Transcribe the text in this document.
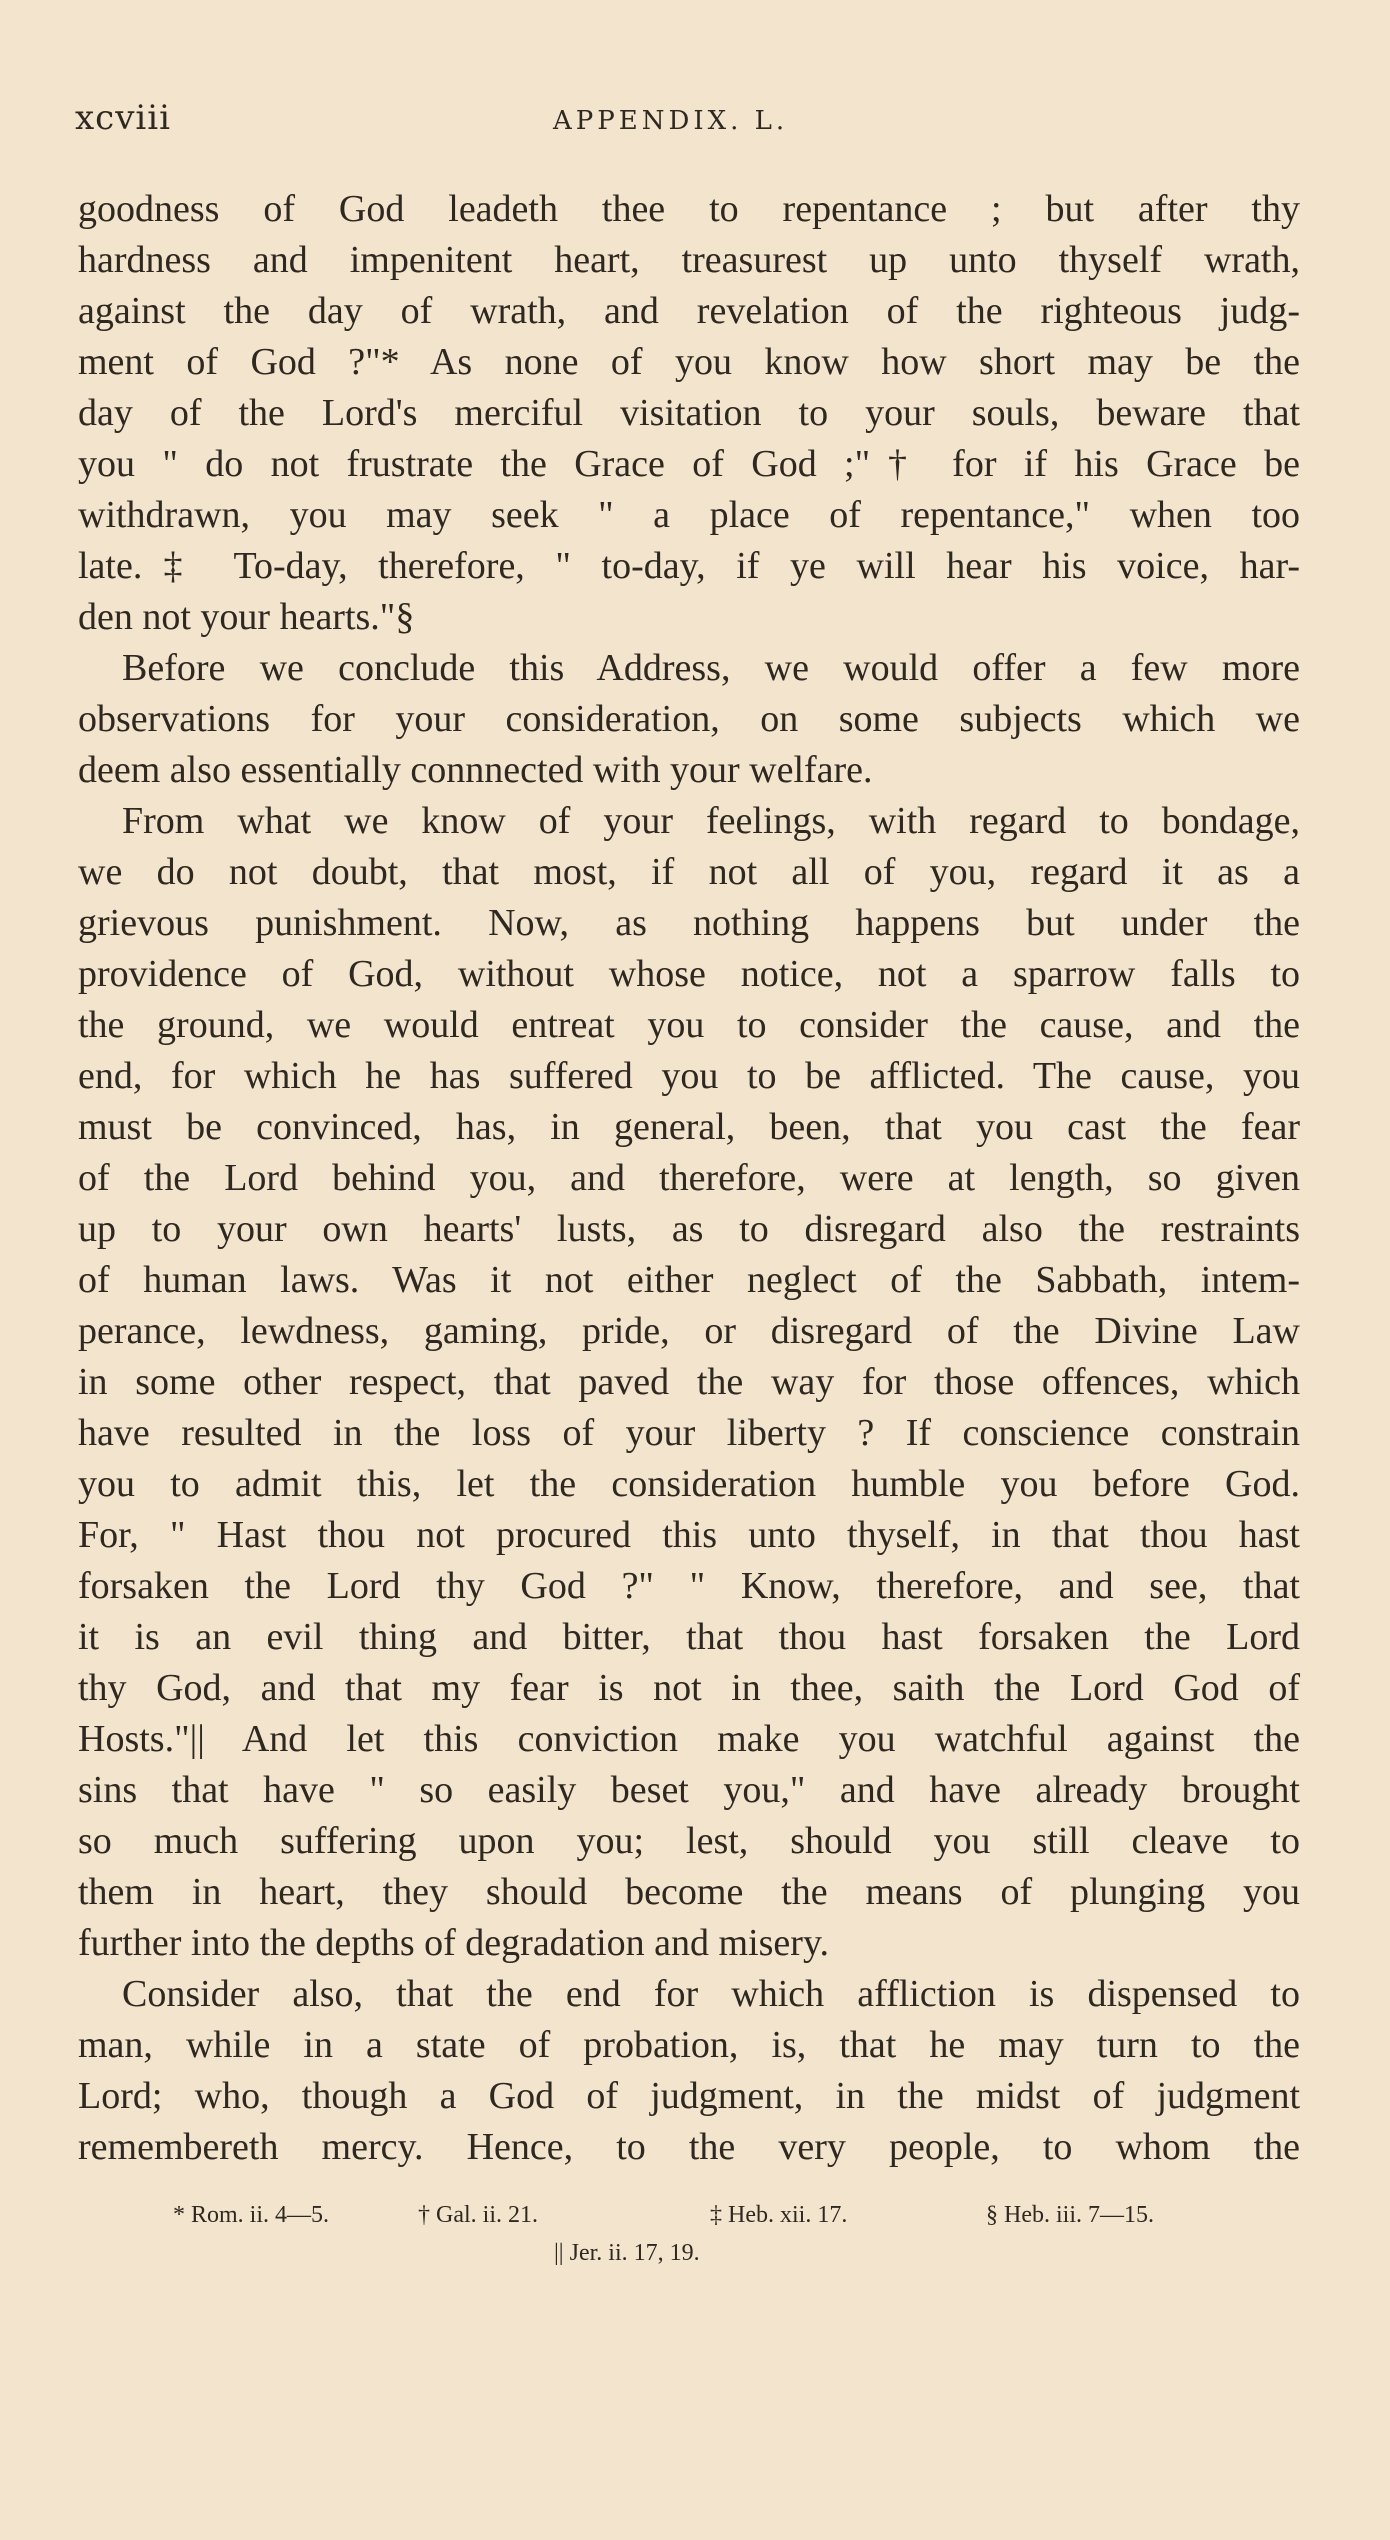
xcviii	APPENDIX. L.
goodness of God leadeth thee to repentance ; but after thy
hardness and impenitent heart, treasurest up unto thyself wrath,
against the day of wrath, and revelation of the righteous judg-
ment of God ?"* As none of you know how short may be the
day of the Lord's merciful visitation to your souls, beware that
you " do not frustrate the Grace of God ;"† for if his Grace be
withdrawn, you may seek " a place of repentance," when too
late.‡ To-day, therefore, " to-day, if ye will hear his voice, har-
den not your hearts."§
Before we conclude this Address, we would offer a few more
observations for your consideration, on some subjects which we
deem also essentially connnected with your welfare.
From what we know of your feelings, with regard to bondage,
we do not doubt, that most, if not all of you, regard it as a
grievous punishment. Now, as nothing happens but under the
providence of God, without whose notice, not a sparrow falls to
the ground, we would entreat you to consider the cause, and the
end, for which he has suffered you to be afflicted. The cause, you
must be convinced, has, in general, been, that you cast the fear
of the Lord behind you, and therefore, were at length, so given
up to your own hearts' lusts, as to disregard also the restraints
of human laws. Was it not either neglect of the Sabbath, intem-
perance, lewdness, gaming, pride, or disregard of the Divine Law
in some other respect, that paved the way for those offences, which
have resulted in the loss of your liberty ? If conscience constrain
you to admit this, let the consideration humble you before God.
For, " Hast thou not procured this unto thyself, in that thou hast
forsaken the Lord thy God ?" " Know, therefore, and see, that
it is an evil thing and bitter, that thou hast forsaken the Lord
thy God, and that my fear is not in thee, saith the Lord God of
Hosts."|| And let this conviction make you watchful against the
sins that have " so easily beset you," and have already brought
so much suffering upon you; lest, should you still cleave to
them in heart, they should become the means of plunging you
further into the depths of degradation and misery.
Consider also, that the end for which affliction is dispensed to
man, while in a state of probation, is, that he may turn to the
Lord; who, though a God of judgment, in the midst of judgment
remembereth mercy. Hence, to the very people, to whom the
* Rom. ii. 4—5.	† Gal. ii. 21.	‡ Heb. xii. 17.	§ Heb. iii. 7—15.
|| Jer. ii. 17, 19.
